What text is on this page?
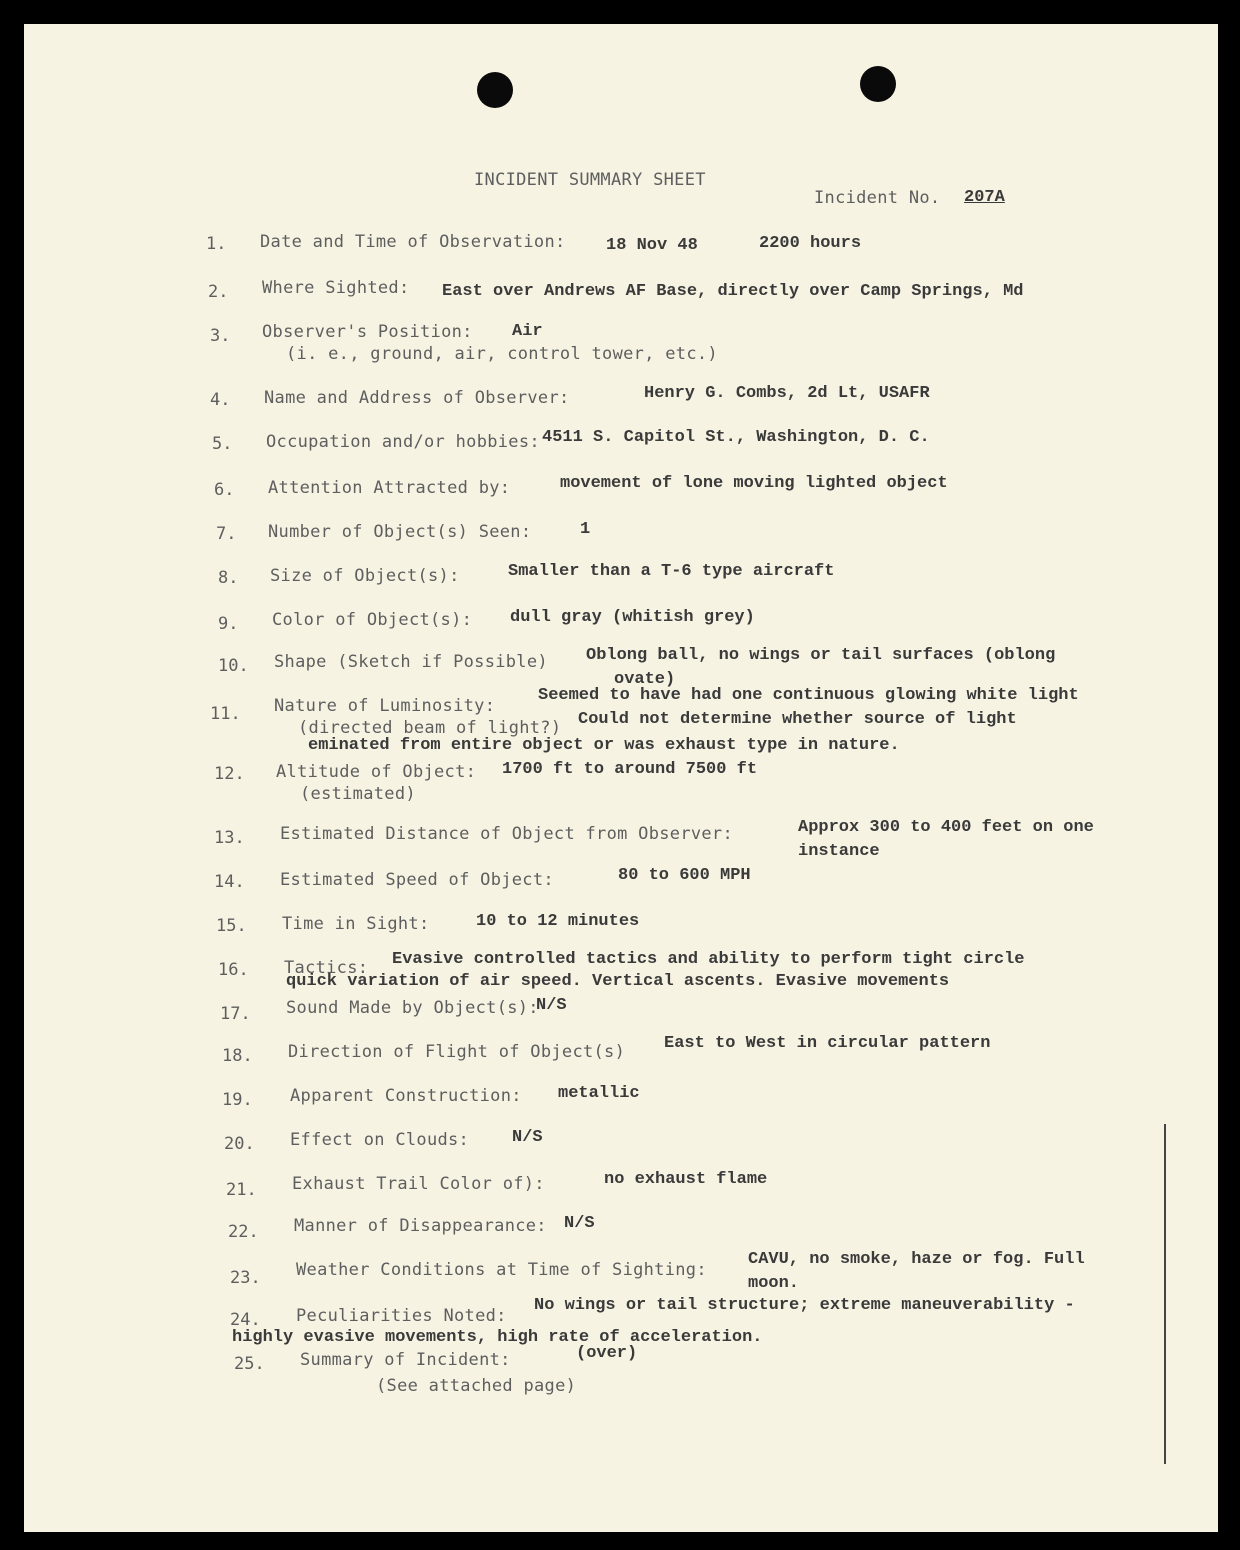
INCIDENT SUMMARY SHEET
Incident No. 207A
1. Date and Time of Observation: 18 Nov 48	2200 hours
2. Where Sighted: East over Andrews AF Base, directly over Camp Springs, Md
3. Observer's Position:
(i. e., ground, air, control tower, etc.)
Air
4. Name and Address of Observer:	Henry G. Combs, 2d Lt, USAFR
5. Occupation and/or hobbies: 4511 S. Capitol St., Washington, D. C.
6. Attention Attracted by:	movement of lone moving lighted object
7. Number of Object(s) Seen:	1
8. Size of Object(s):	Smaller than a T-6 type aircraft
9. Color of Object(s): dull gray (whitish grey)
10. Shape (Sketch if Possible) Oblong ball, no wings or tail surfaces (oblong
ovate)
11. Nature of Luminosity:
(directed beam of light?)
Seemed to have had one continuous glowing white light
Could not determine whether source of light
eminated from entire object or was exhaust type in nature.
12. Altitude of Object:
(estimated)
1700 ft to around 7500 ft
13. Estimated Distance of Object from Observer:	Approx 300 to 400 feet on one
instance
14. Estimated Speed of Object:	80 to 600 MPH
15. Time in Sight:	10 to 12 minutes
16. Tactics: Evasive controlled tactics and ability to perform tight circle
quick variation of air speed. Vertical ascents. Evasive movements
17. Sound Made by Object(s):
N/S
18. Direction of Flight of Object(s) East to West in circular pattern
19. Apparent Construction: metallic
20. Effect on Clouds:	N/S
21. Exhaust Trail Color of):	no exhaust flame
22. Manner of Disappearance: N/S
23. Weather Conditions at Time of Sighting:
CAVU, no smoke, haze or fog. Full
moon.
24. Peculiarities Noted:
No wings or tail structure; extreme maneuverability -
highly evasive movements, high rate of acceleration.
25. Summary of Incident:	(over)
(See attached page)
